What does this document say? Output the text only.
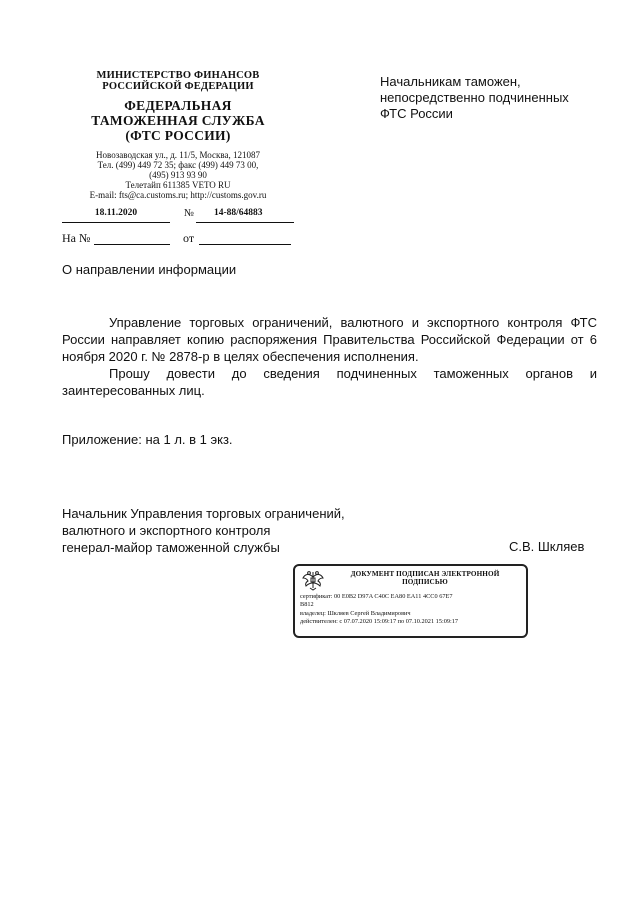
МИНИСТЕРСТВО ФИНАНСОВ
РОССИЙСКОЙ ФЕДЕРАЦИИ
ФЕДЕРАЛЬНАЯ
ТАМОЖЕННАЯ СЛУЖБА
(ФТС РОССИИ)
Новозаводская ул., д. 11/5, Москва, 121087
Тел. (499) 449 72 35; факс (499) 449 73 00,
(495) 913 93 90
Телетайп 611385 VETO RU
E-mail: fts@ca.customs.ru; http://customs.gov.ru
18.11.2020	№	14-88/64883
На №	от
Начальникам таможен,
непосредственно подчиненных
ФТС России
О направлении информации

Управление торговых ограничений, валютного и экспортного контроля ФТС России направляет копию распоряжения Правительства Российской Федерации от 6 ноября 2020 г. № 2878-р в целях обеспечения исполнения.

Прошу довести до сведения подчиненных таможенных органов и заинтересованных лиц.

Приложение: на 1 л. в 1 экз.
Начальник Управления торговых ограничений,
валютного и экспортного контроля
генерал-майор таможенной службы	С.В. Шкляев
ДОКУМЕНТ ПОДПИСАН ЭЛЕКТРОННОЙ
ПОДПИСЬЮ
сертификат: 00 E0B2 D97A C40C EA80 EA11 4CC0 67E7
B812
владелец: Шкляев Сергей Владимирович
действителен: с 07.07.2020 15:09:17 по 07.10.2021 15:09:17
